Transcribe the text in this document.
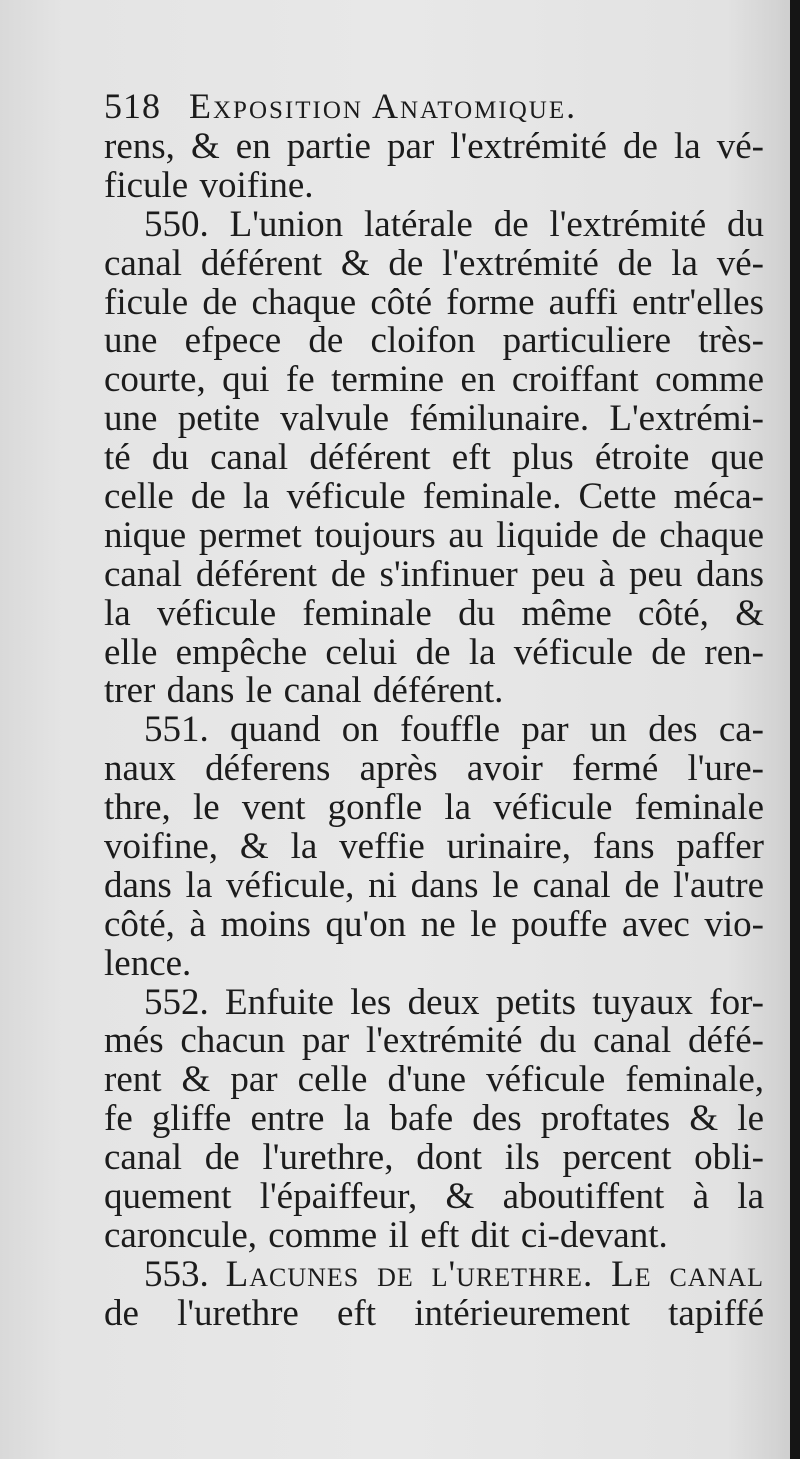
518 Exposition Anatomique.
rens, & en partie par l'extrémité de la vé-
ficule voifine.
550. L'union latérale de l'extrémité du
canal déférent & de l'extrémité de la vé-
ficule de chaque côté forme auffi entr'elles
une efpece de cloifon particuliere très-
courte, qui fe termine en croiffant comme
une petite valvule fémilunaire. L'extrémi-
té du canal déférent eft plus étroite que
celle de la véficule feminale. Cette méca-
nique permet toujours au liquide de chaque
canal déférent de s'infinuer peu à peu dans
la véficule feminale du même côté, &
elle empêche celui de la véficule de ren-
trer dans le canal déférent.
551. quand on fouffle par un des ca-
naux déferens après avoir fermé l'ure-
thre, le vent gonfle la véficule feminale
voifine, & la veffie urinaire, fans paffer
dans la véficule, ni dans le canal de l'autre
côté, à moins qu'on ne le pouffe avec vio-
lence.
552. Enfuite les deux petits tuyaux for-
més chacun par l'extrémité du canal défé-
rent & par celle d'une véficule feminale,
fe gliffe entre la bafe des proftates & le
canal de l'urethre, dont ils percent obli-
quement l'épaiffeur, & aboutiffent à la
caroncule, comme il eft dit ci-devant.
553. Lacunes de l'urethre. Le canal
de l'urethre eft intérieurement tapiffé
